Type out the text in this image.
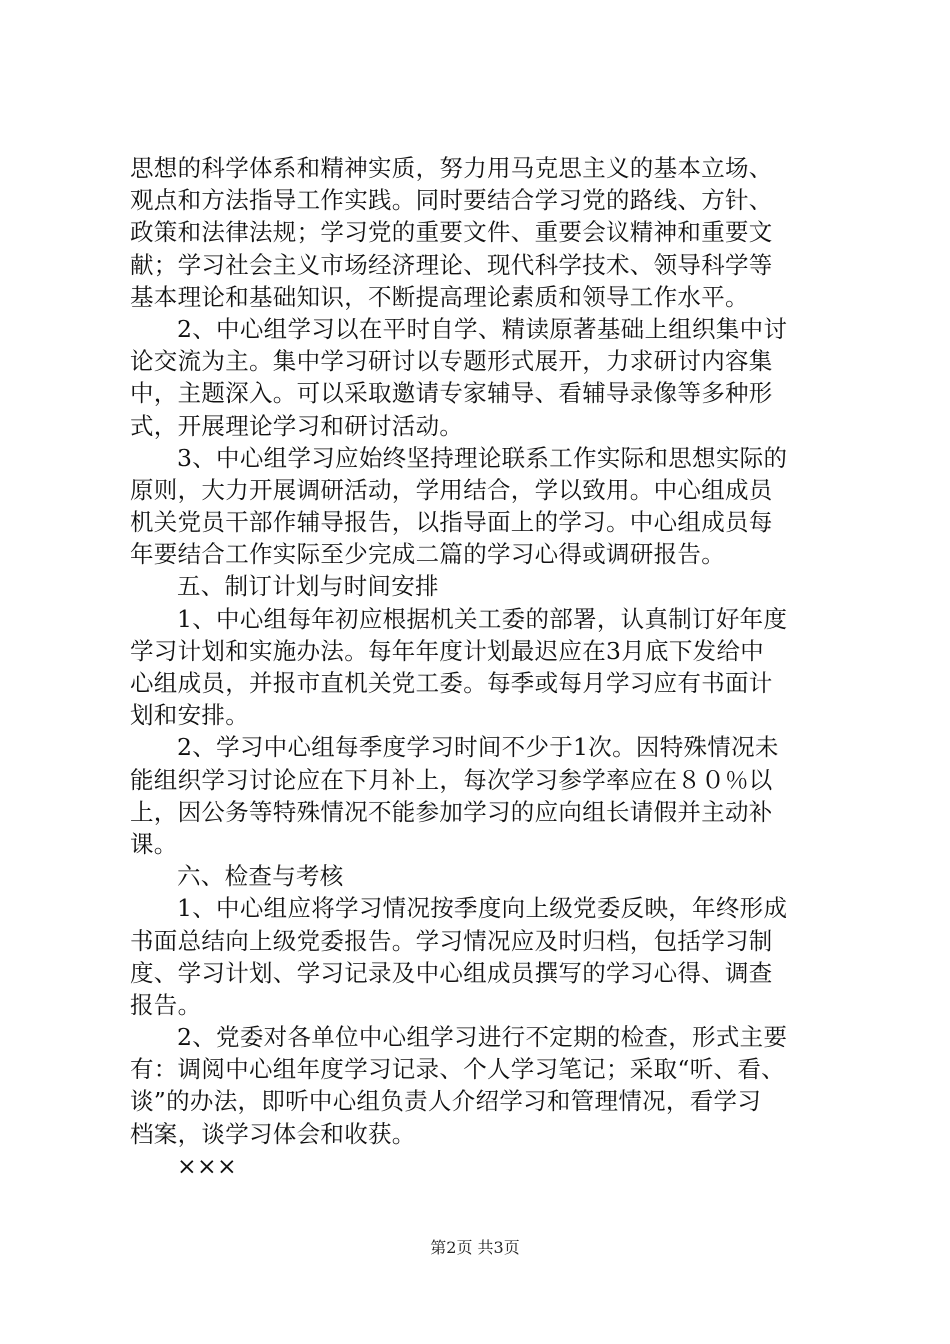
思想的科学体系和精神实质，努力用马克思主义的基本立场、
观点和方法指导工作实践。同时要结合学习党的路线、方针、
政策和法律法规；学习党的重要文件、重要会议精神和重要文
献；学习社会主义市场经济理论、现代科学技术、领导科学等
基本理论和基础知识，不断提高理论素质和领导工作水平。
2、中心组学习以在平时自学、精读原著基础上组织集中讨
论交流为主。集中学习研讨以专题形式展开，力求研讨内容集
中，主题深入。可以采取邀请专家辅导、看辅导录像等多种形
式，开展理论学习和研讨活动。
3、中心组学习应始终坚持理论联系工作实际和思想实际的
原则，大力开展调研活动，学用结合，学以致用。中心组成员
机关党员干部作辅导报告，以指导面上的学习。中心组成员每
年要结合工作实际至少完成二篇的学习心得或调研报告。
五、制订计划与时间安排
1、中心组每年初应根据机关工委的部署，认真制订好年度
学习计划和实施办法。每年年度计划最迟应在3月底下发给中
心组成员，并报市直机关党工委。每季或每月学习应有书面计
划和安排。
2、学习中心组每季度学习时间不少于1次。因特殊情况未
能组织学习讨论应在下月补上，每次学习参学率应在８０％以
上，因公务等特殊情况不能参加学习的应向组长请假并主动补
课。
六、检查与考核
1、中心组应将学习情况按季度向上级党委反映，年终形成
书面总结向上级党委报告。学习情况应及时归档，包括学习制
度、学习计划、学习记录及中心组成员撰写的学习心得、调查
报告。
2、党委对各单位中心组学习进行不定期的检查，形式主要
有：调阅中心组年度学习记录、个人学习笔记；采取“听、看、
谈”的办法，即听中心组负责人介绍学习和管理情况，看学习
档案，谈学习体会和收获。
×××
第2页 共3页
